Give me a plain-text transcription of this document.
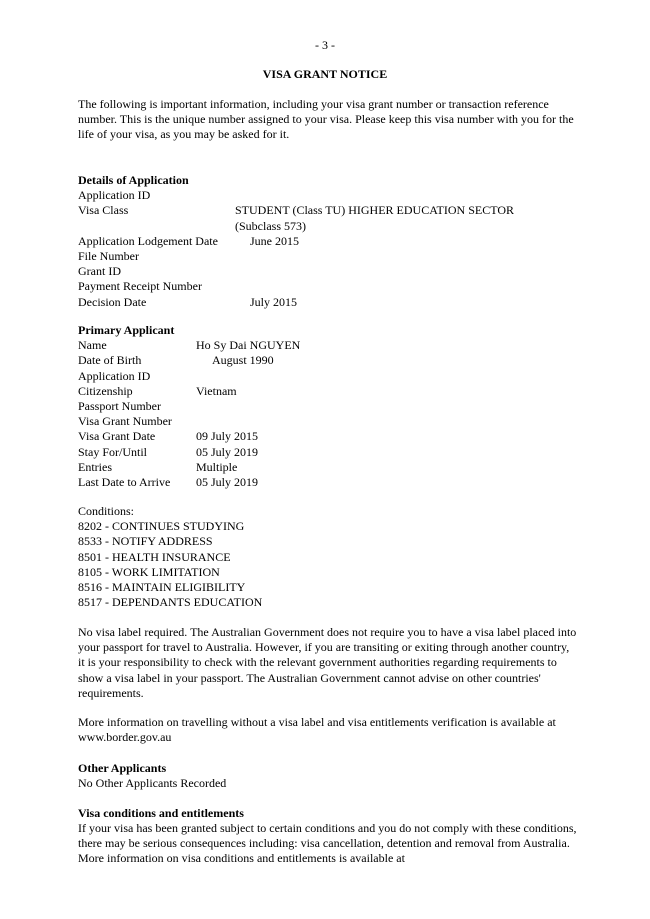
- 3 -
VISA GRANT NOTICE
The following is important information, including your visa grant number or transaction reference number. This is the unique number assigned to your visa. Please keep this visa number with you for the life of your visa, as you may be asked for it.
Details of Application
Application ID
Visa Class	STUDENT (Class TU) HIGHER EDUCATION SECTOR
(Subclass 573)
Application Lodgement Date	June 2015
File Number
Grant ID
Payment Receipt Number
Decision Date	July 2015
Primary Applicant
Name	Ho Sy Dai NGUYEN
Date of Birth	August 1990
Application ID
Citizenship	Vietnam
Passport Number
Visa Grant Number
Visa Grant Date	09 July 2015
Stay For/Until	05 July 2019
Entries	Multiple
Last Date to Arrive 05 July 2019
Conditions:
8202 - CONTINUES STUDYING
8533 - NOTIFY ADDRESS
8501 - HEALTH INSURANCE
8105 - WORK LIMITATION
8516 - MAINTAIN ELIGIBILITY
8517 - DEPENDANTS EDUCATION
No visa label required. The Australian Government does not require you to have a visa label placed into your passport for travel to Australia. However, if you are transiting or exiting through another country, it is your responsibility to check with the relevant government authorities regarding requirements to show a visa label in your passport. The Australian Government cannot advise on other countries' requirements.
More information on travelling without a visa label and visa entitlements verification is available at www.border.gov.au
Other Applicants
No Other Applicants Recorded
Visa conditions and entitlements
If your visa has been granted subject to certain conditions and you do not comply with these conditions, there may be serious consequences including: visa cancellation, detention and removal from Australia. More information on visa conditions and entitlements is available at
